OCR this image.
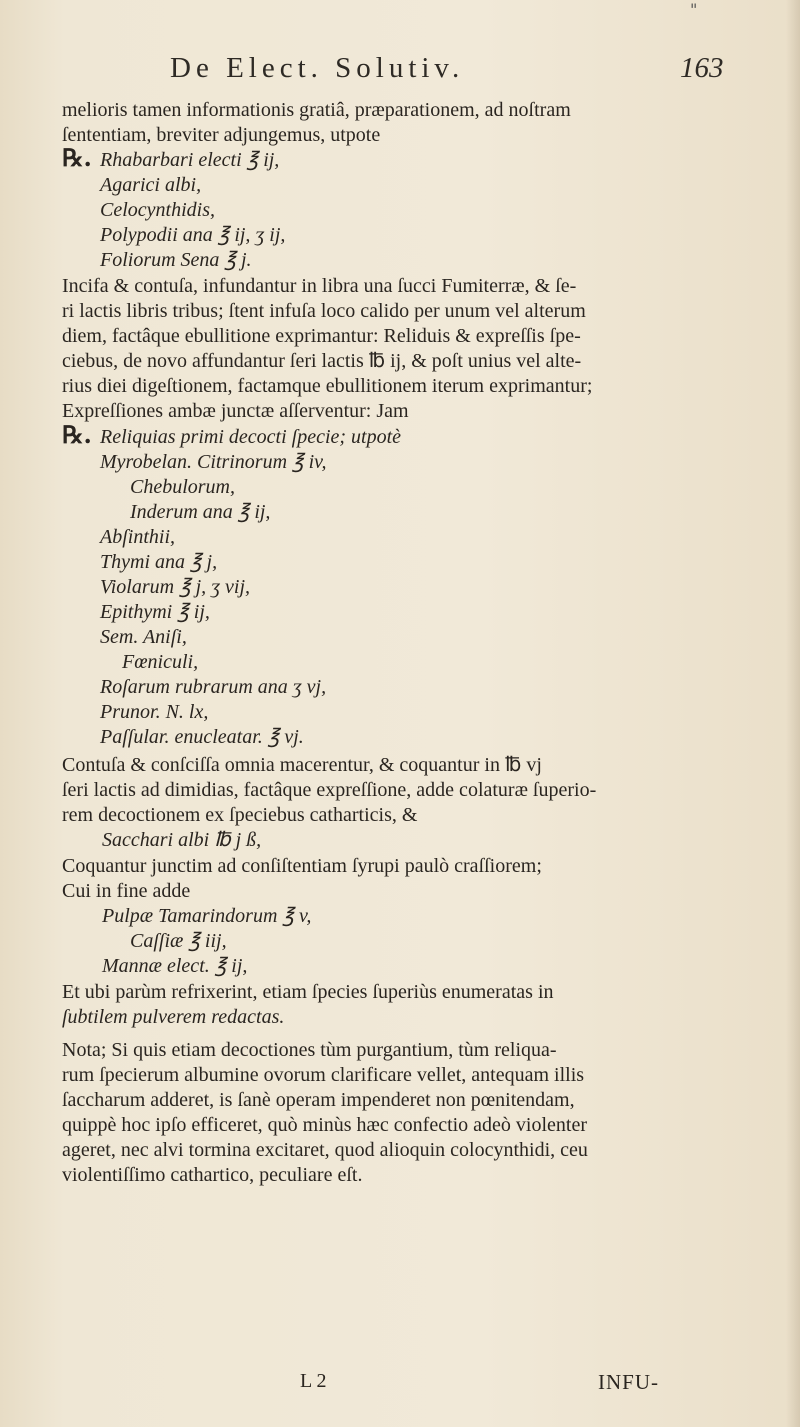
"
De Elect. Solutiv.	163
melioris tamen informationis gratiâ, præparationem, ad noſtram
ſententiam, breviter adjungemus, utpote
℞. Rhabarbari electi ℥ ij,
Agarici albi,
Celocynthidis,
Polypodii ana ℥ ij, ʒ ij,
Foliorum Sena ℥ j.
Incifa & contuſa, infundantur in libra una ſucci Fumiterræ, & ſe-
ri lactis libris tribus; ſtent infuſa loco calido per unum vel alterum
diem, factâque ebullitione exprimantur: Reliduis & expreſſis ſpe-
ciebus, de novo affundantur ſeri lactis ℔ ij, & poſt unius vel alte-
rius diei digeſtionem, factamque ebullitionem iterum exprimantur;
Expreſſiones ambæ junctæ aſſerventur: Jam
℞. Reliquias primi decocti ſpecie; utpotè
Myrobelan. Citrinorum ℥ iv,
Chebulorum,
Inderum ana ℥ ij,
Abſinthii,
Thymi ana ℥ j,
Violarum ℥ j, ʒ vij,
Epithymi ℥ ij,
Sem. Aniſi,
Fœniculi,
Roſarum rubrarum ana ʒ vj,
Prunor. N. lx,
Paſſular. enucleatar. ℥ vj.
Contuſa & conſciſſa omnia macerentur, & coquantur in ℔ vj
ſeri lactis ad dimidias, factâque expreſſione, adde colaturæ ſuperio-
rem decoctionem ex ſpeciebus catharticis, &
Sacchari albi ℔ j ß,
Coquantur junctim ad conſiſtentiam ſyrupi paulò craſſiorem;
Cui in fine adde
Pulpæ Tamarindorum ℥ v,
Caſſiæ ℥ iij,
Mannæ elect. ℥ ij,
Et ubi parùm refrixerint, etiam ſpecies ſuperiùs enumeratas in
ſubtilem pulverem redactas.
Nota; Si quis etiam decoctiones tùm purgantium, tùm reliqua-
rum ſpecierum albumine ovorum clarificare vellet, antequam illis
ſaccharum adderet, is ſanè operam impenderet non pœnitendam,
quippè hoc ipſo efficeret, quò minùs hæc confectio adeò violenter
ageret, nec alvi tormina excitaret, quod alioquin colocynthidi, ceu
violentiſſimo cathartico, peculiare eſt.
L 2	INFU-
